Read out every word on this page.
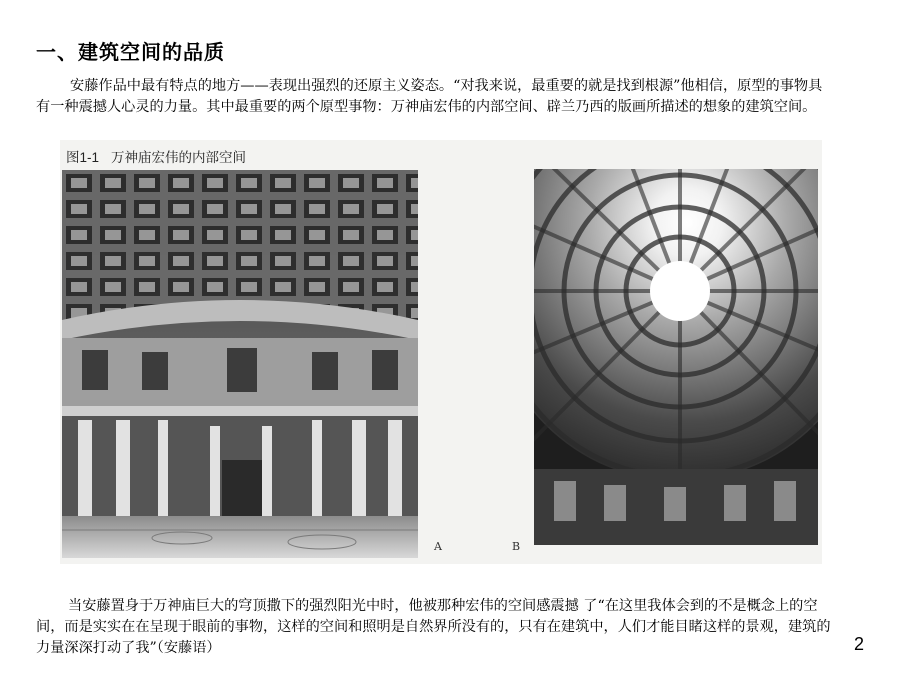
一、建筑空间的品质
安藤作品中最有特点的地方——表现出强烈的还原主义姿态。“对我来说，最重要的就是找到根源”他相信，原型的事物具有一种震撼人心灵的力量。其中最重要的两个原型事物：万神庙宏伟的内部空间、辟兰乃西的版画所描述的想象的建筑空间。

图1-1 万神庙宏伟的内部空间
A	B
当安藤置身于万神庙巨大的穹顶撒下的强烈阳光中时，他被那种宏伟的空间感震撼 了“在这里我体会到的不是概念上的空间，而是实实在在呈现于眼前的事物，这样的空间和照明是自然界所没有的，只有在建筑中，人们才能目睹这样的景观，建筑的力量深深打动了我”（安藤语）	2
